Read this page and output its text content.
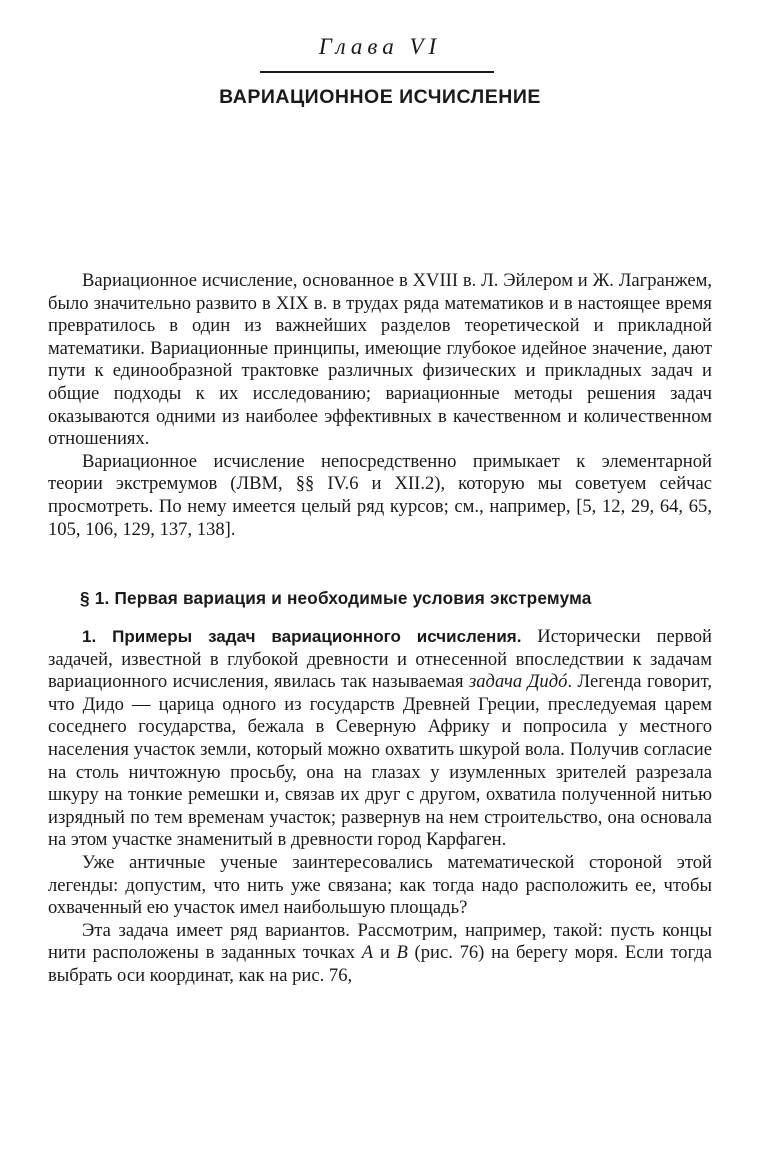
Глава VI
ВАРИАЦИОННОЕ ИСЧИСЛЕНИЕ

Вариационное исчисление, основанное в XVIII в. Л. Эйлером и Ж. Лагранжем, было значительно развито в XIX в. в трудах ряда математиков и в настоящее время превратилось в один из важнейших разделов теоретической и прикладной математики. Вариационные принципы, имеющие глубокое идейное значение, дают пути к единообразной трактовке различных физических и прикладных задач и общие подходы к их исследованию; вариационные методы решения задач оказываются одними из наиболее эффективных в качественном и количественном отношениях.

Вариационное исчисление непосредственно примыкает к элементарной теории экстремумов (ЛВМ, §§ IV.6 и XII.2), которую мы советуем сейчас просмотреть. По нему имеется целый ряд курсов; см., например, [5, 12, 29, 64, 65, 105, 106, 129, 137, 138].

§ 1. Первая вариация и необходимые условия экстремума

1. Примеры задач вариационного исчисления. Исторически первой задачей, известной в глубокой древности и отнесенной впоследствии к задачам вариационного исчисления, явилась так называемая задача Дидó. Легенда говорит, что Дидо — царица одного из государств Древней Греции, преследуемая царем соседнего государства, бежала в Северную Африку и попросила у местного населения участок земли, который можно охватить шкурой вола. Получив согласие на столь ничтожную просьбу, она на глазах у изумленных зрителей разрезала шкуру на тонкие ремешки и, связав их друг с другом, охватила полученной нитью изрядный по тем временам участок; развернув на нем строительство, она основала на этом участке знаменитый в древности город Карфаген.

Уже античные ученые заинтересовались математической стороной этой легенды: допустим, что нить уже связана; как тогда надо расположить ее, чтобы охваченный ею участок имел наибольшую площадь?

Эта задача имеет ряд вариантов. Рассмотрим, например, такой: пусть концы нити расположены в заданных точках A и B (рис. 76) на берегу моря. Если тогда выбрать оси координат, как на рис. 76,
